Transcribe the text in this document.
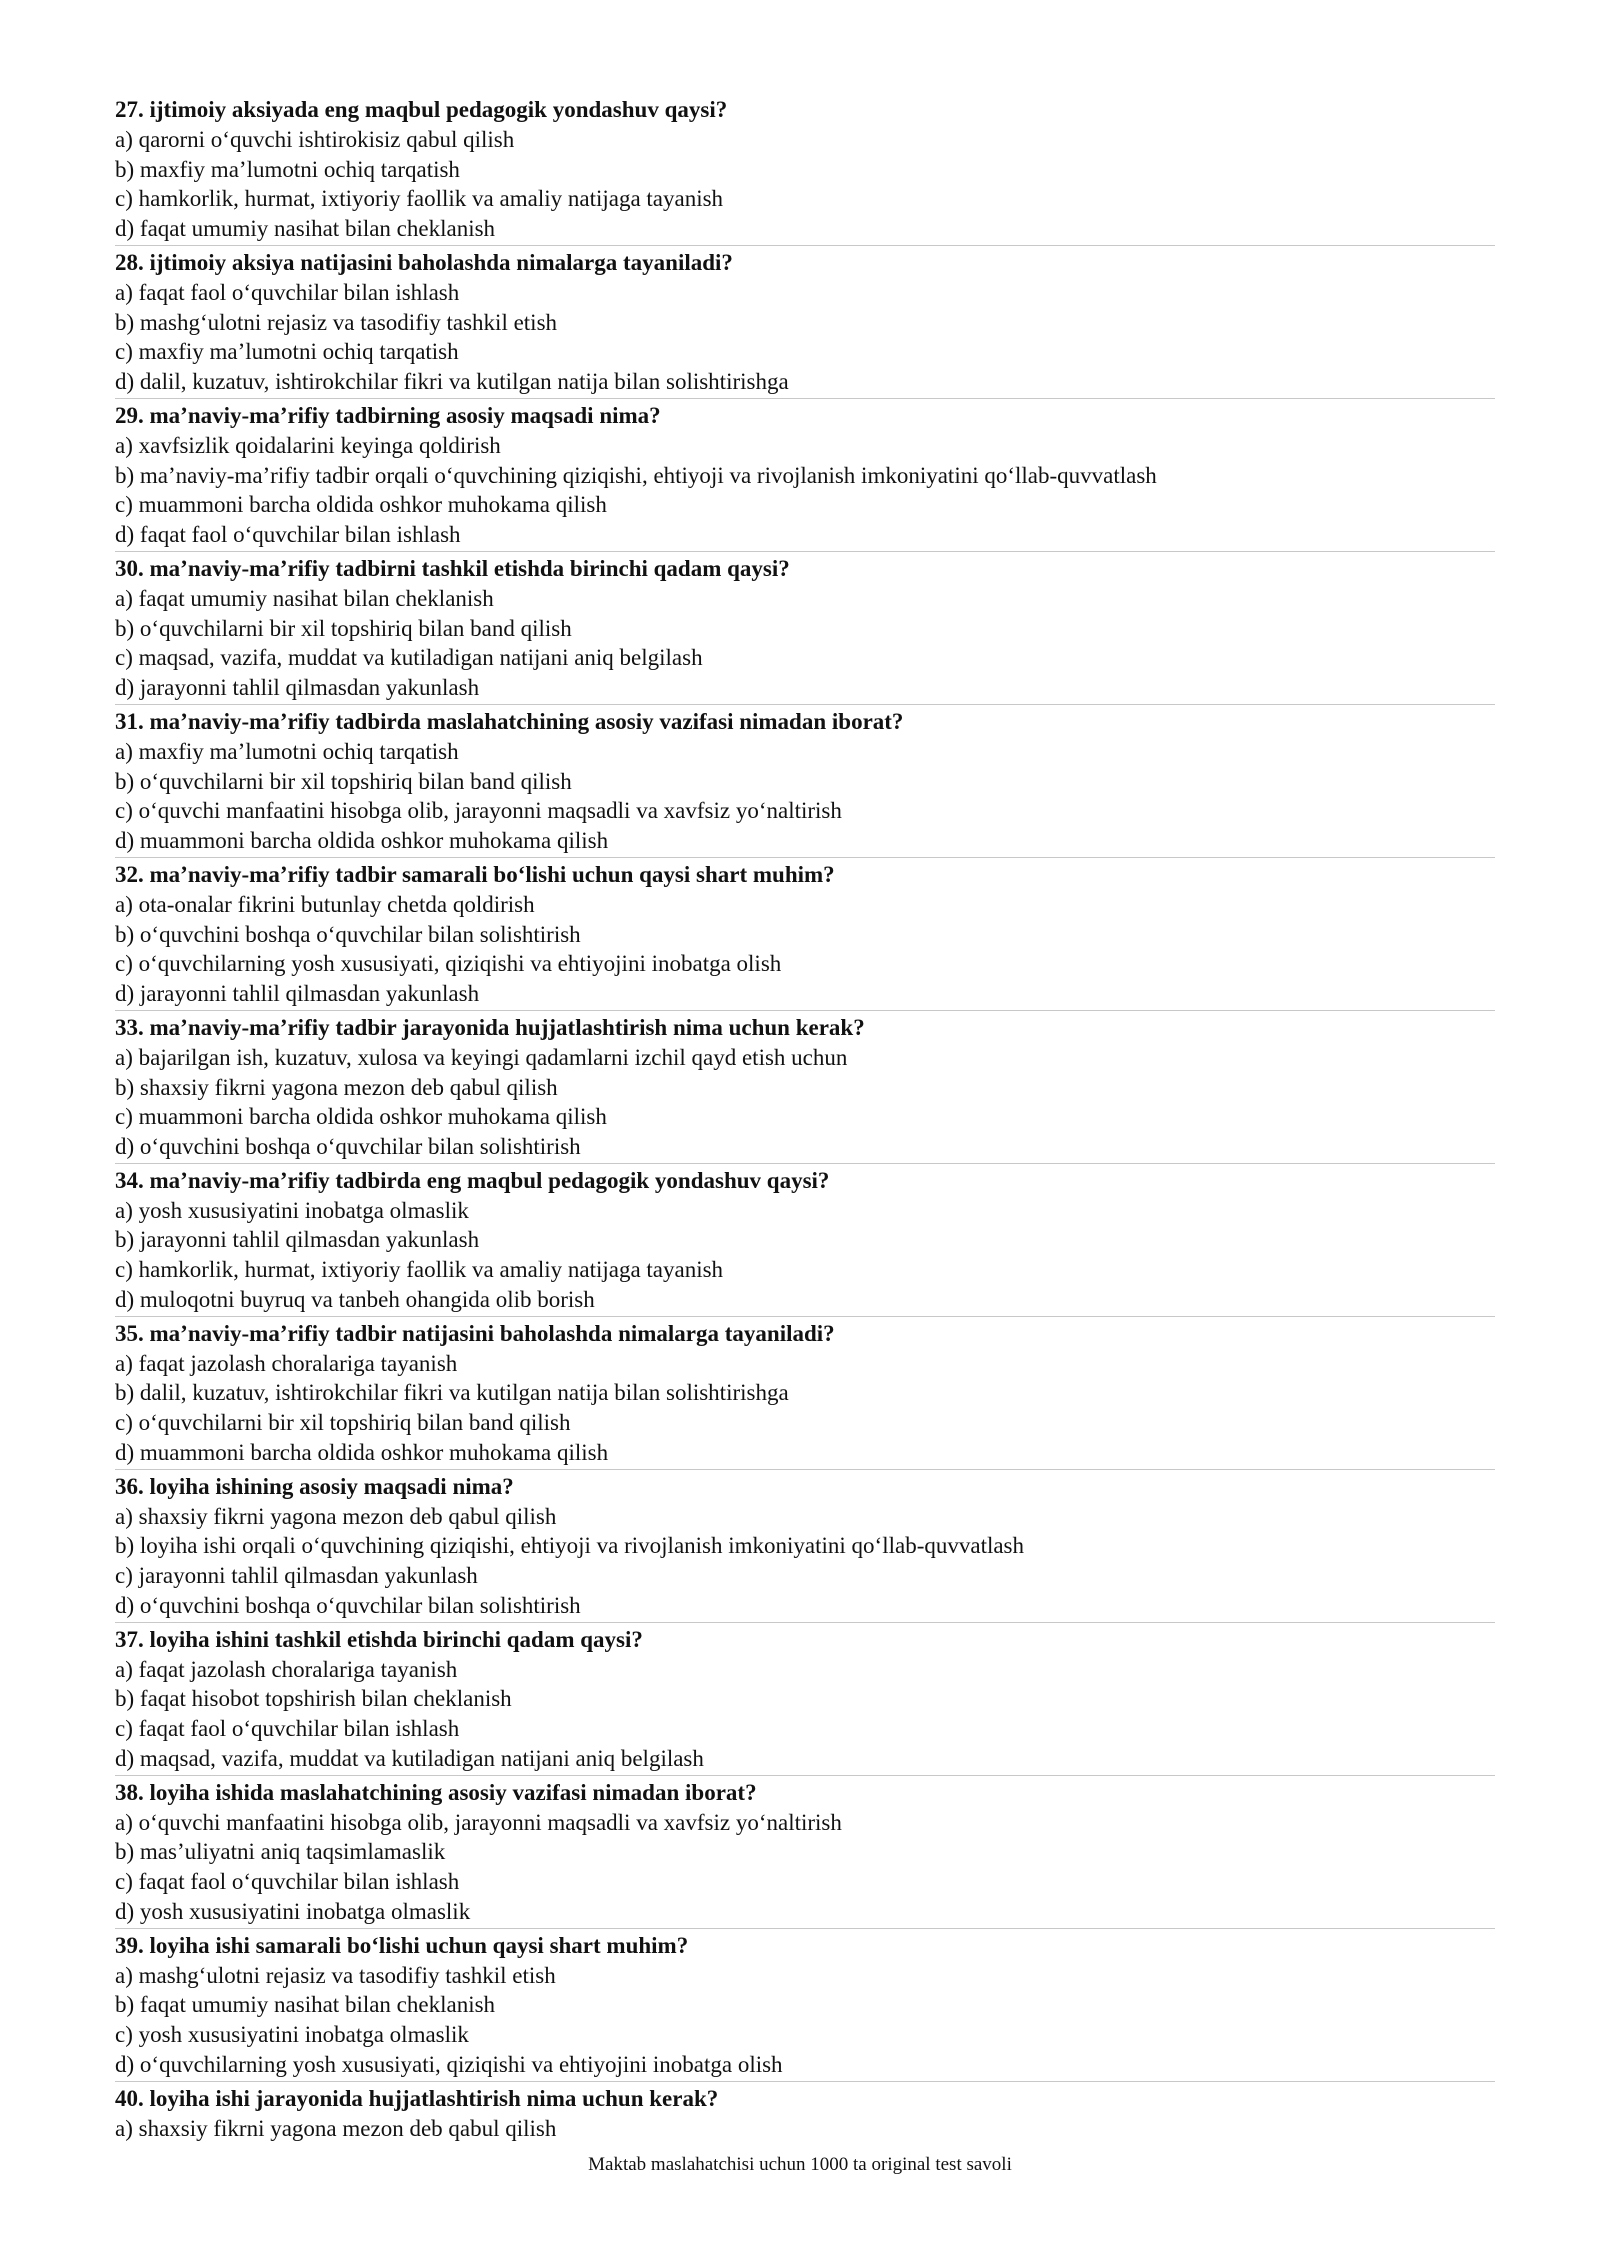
27. ijtimoiy aksiyada eng maqbul pedagogik yondashuv qaysi?
a) qarorni o‘quvchi ishtirokisiz qabul qilish
b) maxfiy ma’lumotni ochiq tarqatish
c) hamkorlik, hurmat, ixtiyoriy faollik va amaliy natijaga tayanish
d) faqat umumiy nasihat bilan cheklanish
28. ijtimoiy aksiya natijasini baholashda nimalarga tayaniladi?
a) faqat faol o‘quvchilar bilan ishlash
b) mashg‘ulotni rejasiz va tasodifiy tashkil etish
c) maxfiy ma’lumotni ochiq tarqatish
d) dalil, kuzatuv, ishtirokchilar fikri va kutilgan natija bilan solishtirishga
29. ma’naviy-ma’rifiy tadbirning asosiy maqsadi nima?
a) xavfsizlik qoidalarini keyinga qoldirish
b) ma’naviy-ma’rifiy tadbir orqali o‘quvchining qiziqishi, ehtiyoji va rivojlanish imkoniyatini qo‘llab-quvvatlash
c) muammoni barcha oldida oshkor muhokama qilish
d) faqat faol o‘quvchilar bilan ishlash
30. ma’naviy-ma’rifiy tadbirni tashkil etishda birinchi qadam qaysi?
a) faqat umumiy nasihat bilan cheklanish
b) o‘quvchilarni bir xil topshiriq bilan band qilish
c) maqsad, vazifa, muddat va kutiladigan natijani aniq belgilash
d) jarayonni tahlil qilmasdan yakunlash
31. ma’naviy-ma’rifiy tadbirda maslahatchining asosiy vazifasi nimadan iborat?
a) maxfiy ma’lumotni ochiq tarqatish
b) o‘quvchilarni bir xil topshiriq bilan band qilish
c) o‘quvchi manfaatini hisobga olib, jarayonni maqsadli va xavfsiz yo‘naltirish
d) muammoni barcha oldida oshkor muhokama qilish
32. ma’naviy-ma’rifiy tadbir samarali bo‘lishi uchun qaysi shart muhim?
a) ota-onalar fikrini butunlay chetda qoldirish
b) o‘quvchini boshqa o‘quvchilar bilan solishtirish
c) o‘quvchilarning yosh xususiyati, qiziqishi va ehtiyojini inobatga olish
d) jarayonni tahlil qilmasdan yakunlash
33. ma’naviy-ma’rifiy tadbir jarayonida hujjatlashtirish nima uchun kerak?
a) bajarilgan ish, kuzatuv, xulosa va keyingi qadamlarni izchil qayd etish uchun
b) shaxsiy fikrni yagona mezon deb qabul qilish
c) muammoni barcha oldida oshkor muhokama qilish
d) o‘quvchini boshqa o‘quvchilar bilan solishtirish
34. ma’naviy-ma’rifiy tadbirda eng maqbul pedagogik yondashuv qaysi?
a) yosh xususiyatini inobatga olmaslik
b) jarayonni tahlil qilmasdan yakunlash
c) hamkorlik, hurmat, ixtiyoriy faollik va amaliy natijaga tayanish
d) muloqotni buyruq va tanbeh ohangida olib borish
35. ma’naviy-ma’rifiy tadbir natijasini baholashda nimalarga tayaniladi?
a) faqat jazolash choralariga tayanish
b) dalil, kuzatuv, ishtirokchilar fikri va kutilgan natija bilan solishtirishga
c) o‘quvchilarni bir xil topshiriq bilan band qilish
d) muammoni barcha oldida oshkor muhokama qilish
36. loyiha ishining asosiy maqsadi nima?
a) shaxsiy fikrni yagona mezon deb qabul qilish
b) loyiha ishi orqali o‘quvchining qiziqishi, ehtiyoji va rivojlanish imkoniyatini qo‘llab-quvvatlash
c) jarayonni tahlil qilmasdan yakunlash
d) o‘quvchini boshqa o‘quvchilar bilan solishtirish
37. loyiha ishini tashkil etishda birinchi qadam qaysi?
a) faqat jazolash choralariga tayanish
b) faqat hisobot topshirish bilan cheklanish
c) faqat faol o‘quvchilar bilan ishlash
d) maqsad, vazifa, muddat va kutiladigan natijani aniq belgilash
38. loyiha ishida maslahatchining asosiy vazifasi nimadan iborat?
a) o‘quvchi manfaatini hisobga olib, jarayonni maqsadli va xavfsiz yo‘naltirish
b) mas’uliyatni aniq taqsimlamaslik
c) faqat faol o‘quvchilar bilan ishlash
d) yosh xususiyatini inobatga olmaslik
39. loyiha ishi samarali bo‘lishi uchun qaysi shart muhim?
a) mashg‘ulotni rejasiz va tasodifiy tashkil etish
b) faqat umumiy nasihat bilan cheklanish
c) yosh xususiyatini inobatga olmaslik
d) o‘quvchilarning yosh xususiyati, qiziqishi va ehtiyojini inobatga olish
40. loyiha ishi jarayonida hujjatlashtirish nima uchun kerak?
a) shaxsiy fikrni yagona mezon deb qabul qilish
Maktab maslahatchisi uchun 1000 ta original test savoli
